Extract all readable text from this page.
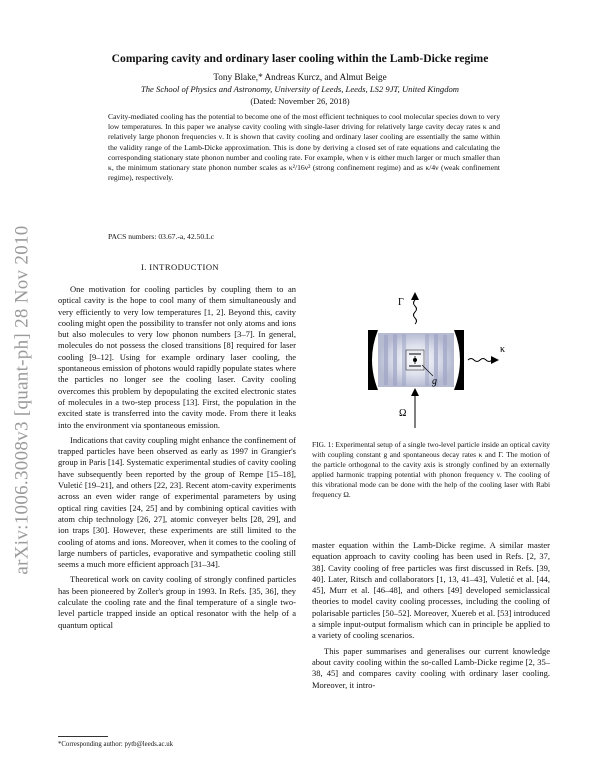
arXiv:1006.3008v3 [quant-ph] 28 Nov 2010
Comparing cavity and ordinary laser cooling within the Lamb-Dicke regime
Tony Blake,* Andreas Kurcz, and Almut Beige
The School of Physics and Astronomy, University of Leeds, Leeds, LS2 9JT, United Kingdom
(Dated: November 26, 2018)

Cavity-mediated cooling has the potential to become one of the most efficient techniques to cool molecular species down to very low temperatures. In this paper we analyse cavity cooling with single-laser driving for relatively large cavity decay rates κ and relatively large phonon frequencies ν. It is shown that cavity cooling and ordinary laser cooling are essentially the same within the validity range of the Lamb-Dicke approximation. This is done by deriving a closed set of rate equations and calculating the corresponding stationary state phonon number and cooling rate. For example, when ν is either much larger or much smaller than κ, the minimum stationary state phonon number scales as κ²/16ν² (strong confinement regime) and as κ/4ν (weak confinement regime), respectively.

PACS numbers: 03.67.-a, 42.50.Lc
I. INTRODUCTION

One motivation for cooling particles by coupling them to an optical cavity is the hope to cool many of them simultaneously and very efficiently to very low temperatures [1, 2]. Beyond this, cavity cooling might open the possibility to transfer not only atoms and ions but also molecules to very low phonon numbers [3–7]. In general, molecules do not possess the closed transitions [8] required for laser cooling [9–12]. Using for example ordinary laser cooling, the spontaneous emission of photons would rapidly populate states where the particles no longer see the cooling laser. Cavity cooling overcomes this problem by depopulating the excited electronic states of molecules in a two-step process [13]. First, the population in the excited state is transferred into the cavity mode. From there it leaks into the environment via spontaneous emission.

Indications that cavity coupling might enhance the confinement of trapped particles have been observed as early as 1997 in Grangier's group in Paris [14]. Systematic experimental studies of cavity cooling have subsequently been reported by the group of Rempe [15–18], Vuletić [19–21], and others [22, 23]. Recent atom-cavity experiments across an even wider range of experimental parameters by using optical ring cavities [24, 25] and by combining optical cavities with atom chip technology [26, 27], atomic conveyer belts [28, 29], and ion traps [30]. However, these experiments are still limited to the cooling of atoms and ions. Moreover, when it comes to the cooling of large numbers of particles, evaporative and sympathetic cooling still seems a much more efficient approach [31–34].

Theoretical work on cavity cooling of strongly confined particles has been pioneered by Zoller's group in 1993. In Refs. [35, 36], they calculate the cooling rate and the final temperature of a single two-level particle trapped inside an optical resonator with the help of a quantum optical

Γ
g
κ
Ω
FIG. 1: Experimental setup of a single two-level particle inside an optical cavity with coupling constant g and spontaneous decay rates κ and Γ. The motion of the particle orthogonal to the cavity axis is strongly confined by an externally applied harmonic trapping potential with phonon frequency ν. The cooling of this vibrational mode can be done with the help of the cooling laser with Rabi frequency Ω.

master equation within the Lamb-Dicke regime. A similar master equation approach to cavity cooling has been used in Refs. [2, 37, 38]. Cavity cooling of free particles was first discussed in Refs. [39, 40]. Later, Ritsch and collaborators [1, 13, 41–43], Vuletić et al. [44, 45], Murr et al. [46–48], and others [49] developed semiclassical theories to model cavity cooling processes, including the cooling of polarisable particles [50–52]. Moreover, Xuereb et al. [53] introduced a simple input-output formalism which can in principle be applied to a variety of cooling scenarios.

This paper summarises and generalises our current knowledge about cavity cooling within the so-called Lamb-Dicke regime [2, 35–38, 45] and compares cavity cooling with ordinary laser cooling. Moreover, it intro-

*Corresponding author: pytb@leeds.ac.uk
